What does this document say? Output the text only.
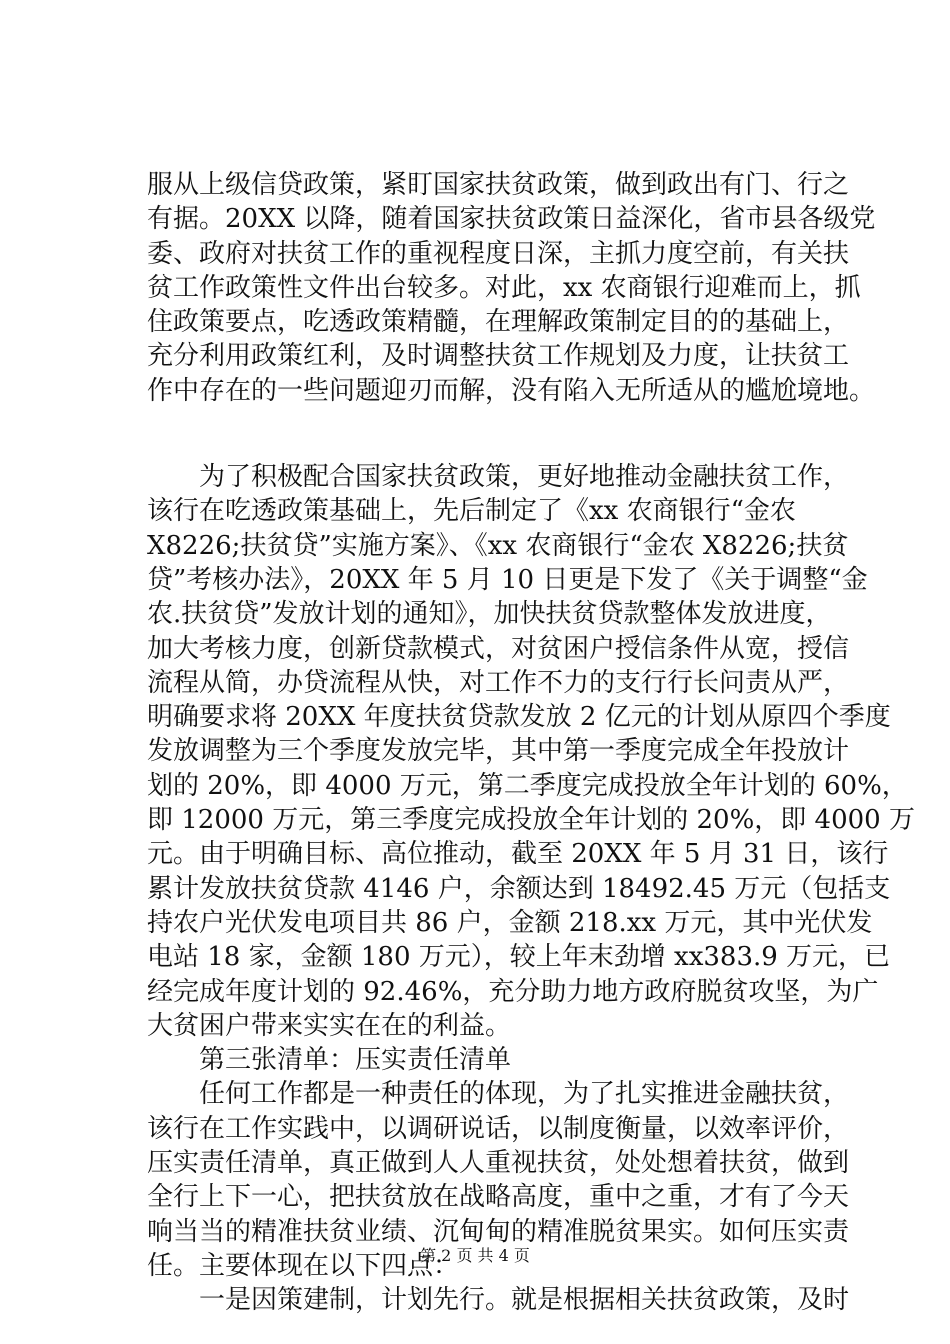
服从上级信贷政策，紧盯国家扶贫政策，做到政出有门、行之
有据。20XX 以降，随着国家扶贫政策日益深化，省市县各级党
委、政府对扶贫工作的重视程度日深，主抓力度空前，有关扶
贫工作政策性文件出台较多。对此，xx 农商银行迎难而上，抓
住政策要点，吃透政策精髓，在理解政策制定目的的基础上，
充分利用政策红利，及时调整扶贫工作规划及力度，让扶贫工
作中存在的一些问题迎刃而解，没有陷入无所适从的尴尬境地。
　　为了积极配合国家扶贫政策，更好地推动金融扶贫工作，
该行在吃透政策基础上，先后制定了《xx 农商银行“金农
X8226;扶贫贷”实施方案》、《xx 农商银行“金农 X8226;扶贫
贷”考核办法》，20XX 年 5 月 10 日更是下发了《关于调整“金
农.扶贫贷”发放计划的通知》，加快扶贫贷款整体发放进度，
加大考核力度，创新贷款模式，对贫困户授信条件从宽，授信
流程从简，办贷流程从快，对工作不力的支行行长问责从严，
明确要求将 20XX 年度扶贫贷款发放 2 亿元的计划从原四个季度
发放调整为三个季度发放完毕，其中第一季度完成全年投放计
划的 20%，即 4000 万元，第二季度完成投放全年计划的 60%，
即 12000 万元，第三季度完成投放全年计划的 20%，即 4000 万
元。由于明确目标、高位推动，截至 20XX 年 5 月 31 日，该行
累计发放扶贫贷款 4146 户，余额达到 18492.45 万元（包括支
持农户光伏发电项目共 86 户，金额 218.xx 万元，其中光伏发
电站 18 家，金额 180 万元），较上年末劲增 xx383.9 万元，已
经完成年度计划的 92.46%，充分助力地方政府脱贫攻坚，为广
大贫困户带来实实在在的利益。
　　第三张清单：压实责任清单
　　任何工作都是一种责任的体现，为了扎实推进金融扶贫，
该行在工作实践中，以调研说话，以制度衡量，以效率评价，
压实责任清单，真正做到人人重视扶贫，处处想着扶贫，做到
全行上下一心，把扶贫放在战略高度，重中之重，才有了今天
响当当的精准扶贫业绩、沉甸甸的精准脱贫果实。如何压实责
任。主要体现在以下四点：
　　一是因策建制，计划先行。就是根据相关扶贫政策，及时
第 2 页 共 4 页
